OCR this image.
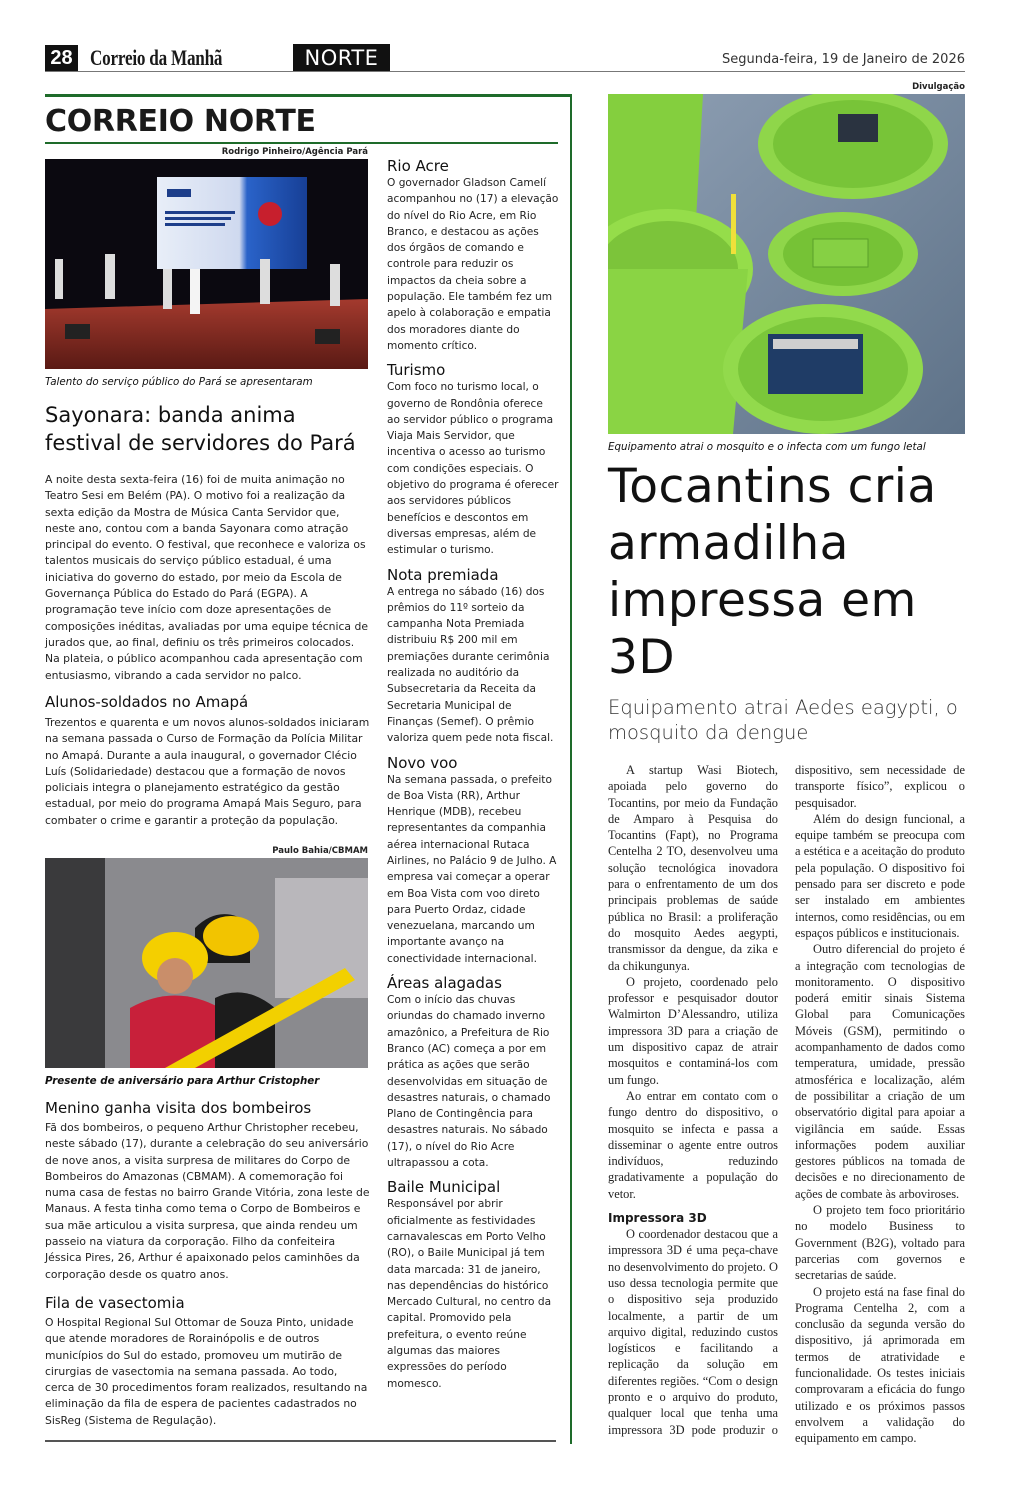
28 Correio da Manhã	NORTE	Segunda-feira, 19 de Janeiro de 2026
CORREIO NORTE
Rodrigo Pinheiro/Agência Pará
Talento do serviço público do Pará se apresentaram
Sayonara: banda anima festival de servidores do Pará

A noite desta sexta-feira (16) foi de muita animação no Teatro Sesi em Belém (PA). O motivo foi a realização da sexta edição da Mostra de Música Canta Servidor que, neste ano, contou com a banda Sayonara como atração principal do evento. O festival, que reconhece e valoriza os talentos musicais do serviço público estadual, é uma iniciativa do governo do estado, por meio da Escola de Governança Pública do Estado do Pará (EGPA). A programação teve início com doze apresentações de composições inéditas, avaliadas por uma equipe técnica de jurados que, ao final, definiu os três primeiros colocados. Na plateia, o público acompanhou cada apresentação com entusiasmo, vibrando a cada servidor no palco.

Alunos-soldados no Amapá

Trezentos e quarenta e um novos alunos-soldados iniciaram na semana passada o Curso de Formação da Polícia Militar no Amapá. Durante a aula inaugural, o governador Clécio Luís (Solidariedade) destacou que a formação de novos policiais integra o planejamento estratégico da gestão estadual, por meio do programa Amapá Mais Seguro, para combater o crime e garantir a proteção da população.

Paulo Bahia/CBMAM
Presente de aniversário para Arthur Cristopher
Menino ganha visita dos bombeiros

Fã dos bombeiros, o pequeno Arthur Christopher recebeu, neste sábado (17), durante a celebração do seu aniversário de nove anos, a visita surpresa de militares do Corpo de Bombeiros do Amazonas (CBMAM). A comemoração foi numa casa de festas no bairro Grande Vitória, zona leste de Manaus. A festa tinha como tema o Corpo de Bombeiros e sua mãe articulou a visita surpresa, que ainda rendeu um passeio na viatura da corporação. Filho da confeiteira Jéssica Pires, 26, Arthur é apaixonado pelos caminhões da corporação desde os quatro anos.

Fila de vasectomia

O Hospital Regional Sul Ottomar de Souza Pinto, unidade que atende moradores de Rorainópolis e de outros municípios do Sul do estado, promoveu um mutirão de cirurgias de vasectomia na semana passada. Ao todo, cerca de 30 procedimentos foram realizados, resultando na eliminação da fila de espera de pacientes cadastrados no SisReg (Sistema de Regulação).

Rio Acre

O governador Gladson Camelí acompanhou no (17) a elevação do nível do Rio Acre, em Rio Branco, e destacou as ações dos órgãos de comando e controle para reduzir os impactos da cheia sobre a população. Ele também fez um apelo à colaboração e empatia dos moradores diante do momento crítico.

Turismo

Com foco no turismo local, o governo de Rondônia oferece ao servidor público o programa Viaja Mais Servidor, que incentiva o acesso ao turismo com condições especiais. O objetivo do programa é oferecer aos servidores públicos benefícios e descontos em diversas empresas, além de estimular o turismo.

Nota premiada

A entrega no sábado (16) dos prêmios do 11º sorteio da campanha Nota Premiada distribuiu R$ 200 mil em premiações durante cerimônia realizada no auditório da Subsecretaria da Receita da Secretaria Municipal de Finanças (Semef). O prêmio valoriza quem pede nota fiscal.

Novo voo

Na semana passada, o prefeito de Boa Vista (RR), Arthur Henrique (MDB), recebeu representantes da companhia aérea internacional Rutaca Airlines, no Palácio 9 de Julho. A empresa vai começar a operar em Boa Vista com voo direto para Puerto Ordaz, cidade venezuelana, marcando um importante avanço na conectividade internacional.

Áreas alagadas

Com o início das chuvas oriundas do chamado inverno amazônico, a Prefeitura de Rio Branco (AC) começa a por em prática as ações que serão desenvolvidas em situação de desastres naturais, o chamado Plano de Contingência para desastres naturais. No sábado (17), o nível do Rio Acre ultrapassou a cota.

Baile Municipal

Responsável por abrir oficialmente as festividades carnavalescas em Porto Velho (RO), o Baile Municipal já tem data marcada: 31 de janeiro, nas dependências do histórico Mercado Cultural, no centro da capital. Promovido pela prefeitura, o evento reúne algumas das maiores expressões do período momesco.

Divulgação
Equipamento atrai o mosquito e o infecta com um fungo letal
Tocantins cria armadilha impressa em 3D
Equipamento atrai Aedes eagypti, o mosquito da dengue

A startup Wasi Biotech, apoiada pelo governo do Tocantins, por meio da Fundação de Amparo à Pesquisa do Tocantins (Fapt), no Programa Centelha 2 TO, desenvolveu uma solução tecnológica inovadora para o enfrentamento de um dos principais problemas de saúde pública no Brasil: a proliferação do mosquito Aedes aegypti, transmissor da dengue, da zika e da chikungunya.

O projeto, coordenado pelo professor e pesquisador doutor Walmirton D’Alessandro, utiliza impressora 3D para a criação de um dispositivo capaz de atrair mosquitos e contaminá-los com um fungo.

Ao entrar em contato com o fungo dentro do dispositivo, o mosquito se infecta e passa a disseminar o agente entre outros indivíduos, reduzindo gradativamente a população do vetor.

Impressora 3D

O coordenador destacou que a impressora 3D é uma peça-chave no desenvolvimento do projeto. O uso dessa tecnologia permite que o dispositivo seja produzido localmente, a partir de um arquivo digital, reduzindo custos logísticos e facilitando a replicação da solução em diferentes regiões. “Com o design pronto e o arquivo do produto, qualquer local que tenha uma impressora 3D pode produzir o dispositivo, sem necessidade de transporte físico”, explicou o pesquisador.

Além do design funcional, a equipe também se preocupa com a estética e a aceitação do produto pela população. O dispositivo foi pensado para ser discreto e pode ser instalado em ambientes internos, como residências, ou em espaços públicos e institucionais.

Outro diferencial do projeto é a integração com tecnologias de monitoramento. O dispositivo poderá emitir sinais Sistema Global para Comunicações Móveis (GSM), permitindo o acompanhamento de dados como temperatura, umidade, pressão atmosférica e localização, além de possibilitar a criação de um observatório digital para apoiar a vigilância em saúde. Essas informações podem auxiliar gestores públicos na tomada de decisões e no direcionamento de ações de combate às arboviroses.

O projeto tem foco prioritário no modelo Business to Government (B2G), voltado para parcerias com governos e secretarias de saúde.

O projeto está na fase final do Programa Centelha 2, com a conclusão da segunda versão do dispositivo, já aprimorada em termos de atratividade e funcionalidade. Os testes iniciais comprovaram a eficácia do fungo utilizado e os próximos passos envolvem a validação do equipamento em campo.
